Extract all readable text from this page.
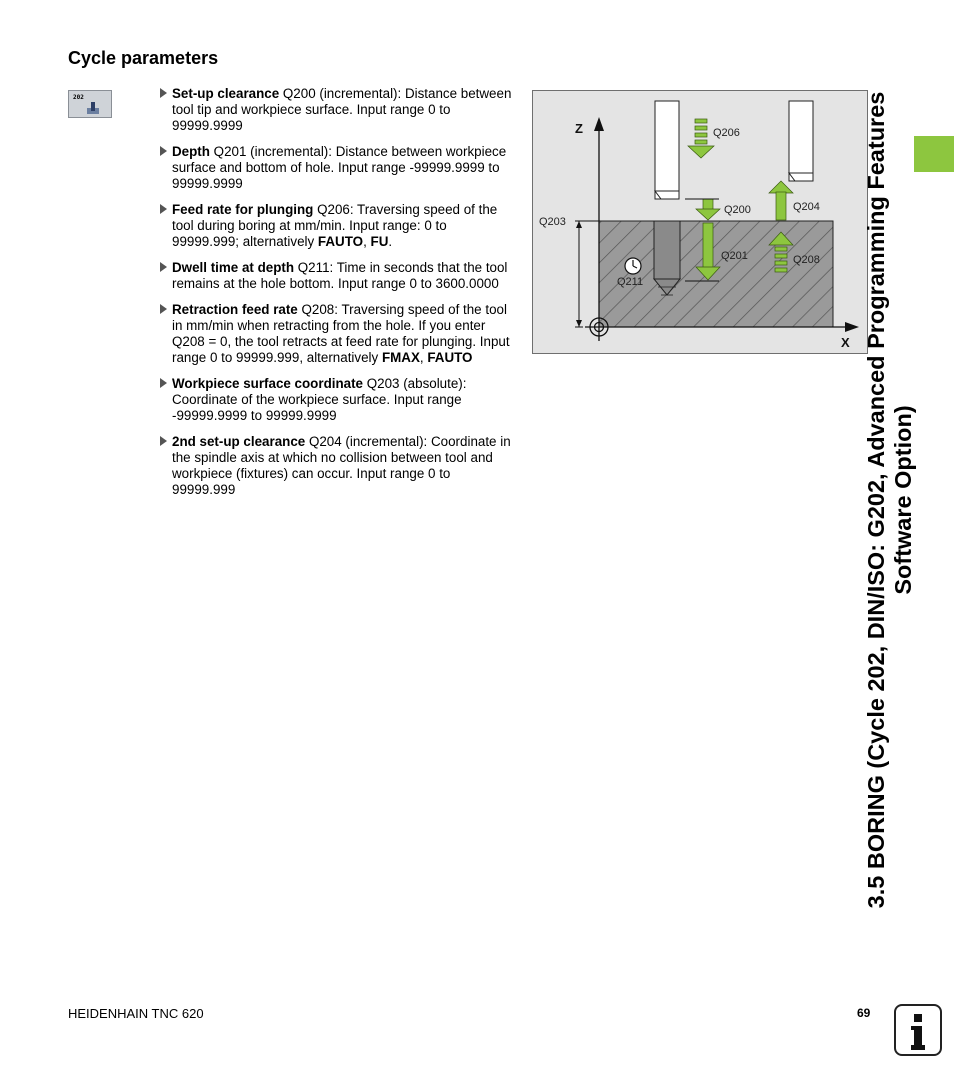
Cycle parameters
202	Set-up clearance Q200 (incremental): Distance between tool tip and workpiece surface. Input range 0 to 99999.9999
Depth Q201 (incremental): Distance between workpiece surface and bottom of hole. Input range -99999.9999 to 99999.9999
Feed rate for plunging Q206: Traversing speed of the tool during boring at mm/min. Input range: 0 to 99999.999; alternatively FAUTO, FU.
Dwell time at depth Q211: Time in seconds that the tool remains at the hole bottom. Input range 0 to 3600.0000
Retraction feed rate Q208: Traversing speed of the tool in mm/min when retracting from the hole. If you enter Q208 = 0, the tool retracts at feed rate for plunging. Input range 0 to 99999.999, alternatively FMAX, FAUTO
Workpiece surface coordinate Q203 (absolute): Coordinate of the workpiece surface. Input range -99999.9999 to 99999.9999
2nd set-up clearance Q204 (incremental): Coordinate in the spindle axis at which no collision between tool and workpiece (fixtures) can occur. Input range 0 to 99999.999
Z
X
Q206
Q200	Q204
Q203
Q201	Q208
Q211	3.5 BORING (Cycle 202, DIN/ISO: G202, Advanced Programming Features Software Option)
HEIDENHAIN TNC 620	69
